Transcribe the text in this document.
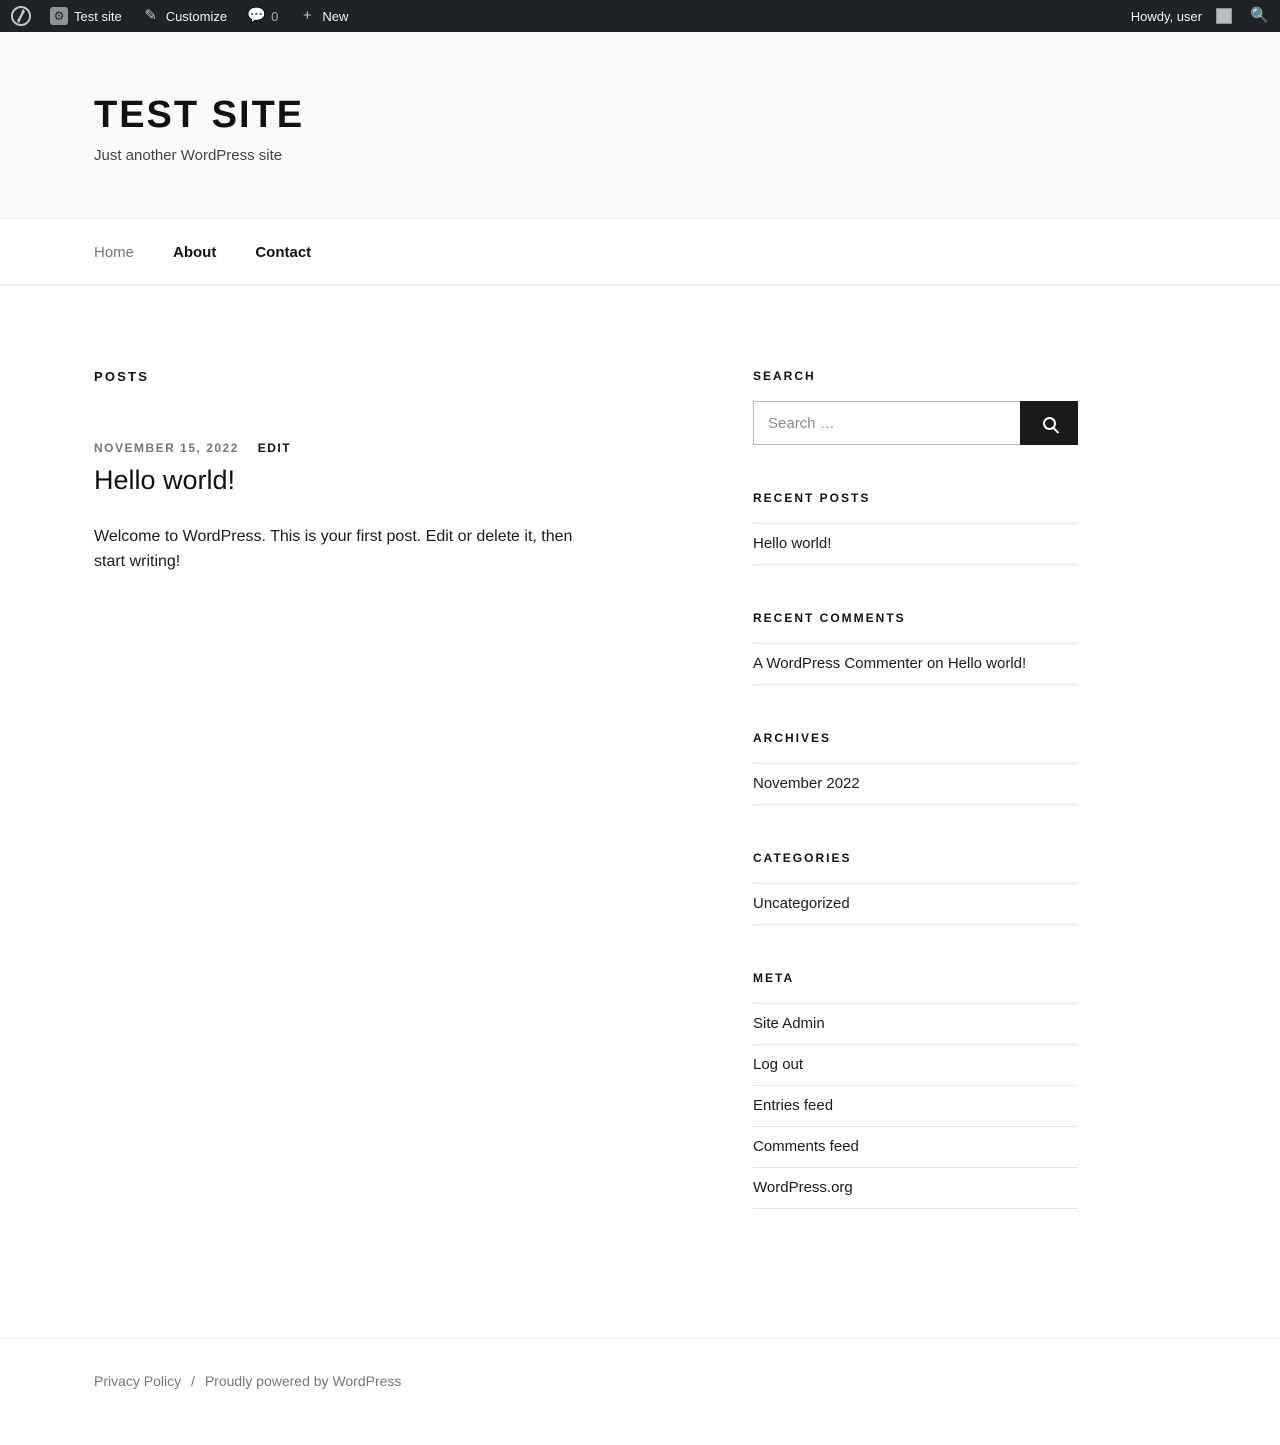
⚙ Test site ✎ Customize 💬 0	+ New	Howdy, user	🔍
TEST SITE

Just another WordPress site

Home	About	Contact
POSTS
NOVEMBER 15, 2022 EDIT
Hello world!

Welcome to WordPress. This is your first post. Edit or delete it, then start writing!

SEARCH
Search …
RECENT POSTS
Hello world!
RECENT COMMENTS
A WordPress Commenter on Hello world!
ARCHIVES
November 2022
CATEGORIES
Uncategorized
META
Site Admin
Log out
Entries feed
Comments feed
WordPress.org
Privacy Policy / Proudly powered by WordPress
